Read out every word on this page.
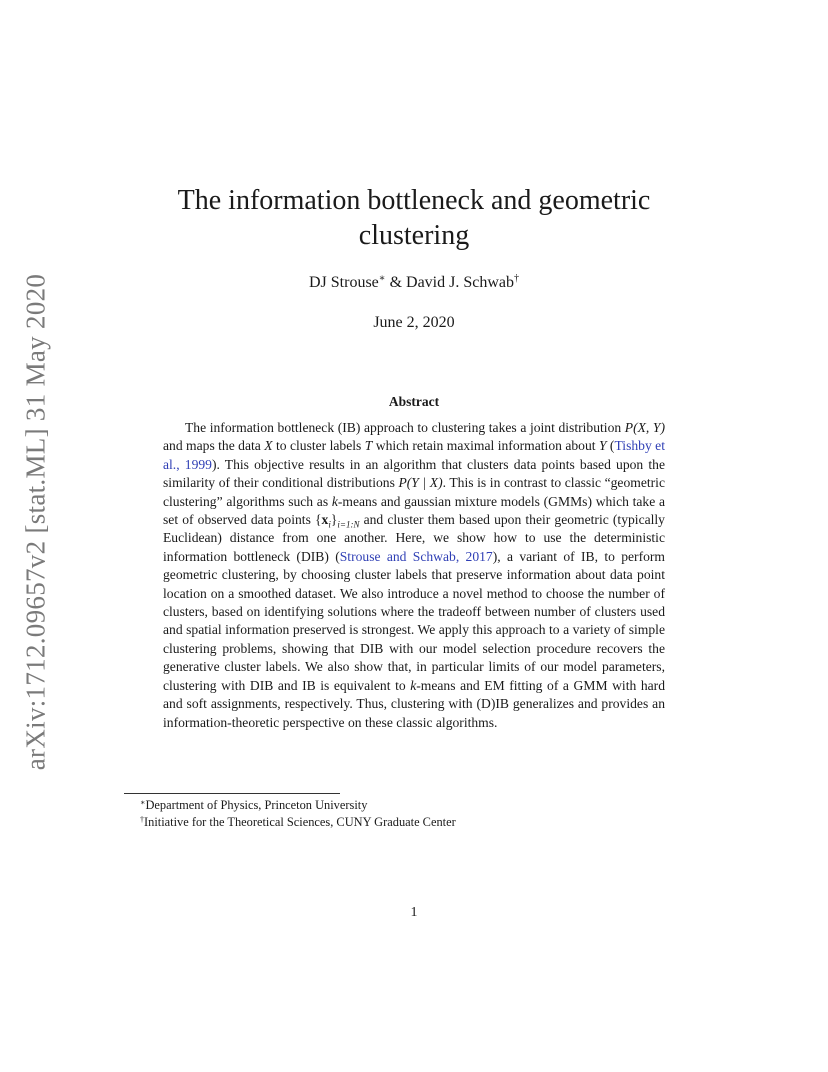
arXiv:1712.09657v2 [stat.ML] 31 May 2020
The information bottleneck and geometric
clustering
DJ Strouse∗ & David J. Schwab†
June 2, 2020
Abstract

The information bottleneck (IB) approach to clustering takes a joint distribution P(X, Y) and maps the data X to cluster labels T which retain maximal information about Y (Tishby et al., 1999). This objective results in an algorithm that clusters data points based upon the similarity of their conditional distributions P(Y | X). This is in contrast to classic “geometric clustering” algorithms such as k-means and gaussian mixture models (GMMs) which take a set of observed data points $\{x_i\}_{i=1:N}$ and cluster them based upon their geometric (typically Euclidean) distance from one another. Here, we show how to use the deterministic information bottleneck (DIB) (Strouse and Schwab, 2017), a variant of IB, to perform geometric clustering, by choosing cluster labels that preserve information about data point location on a smoothed dataset. We also introduce a novel method to choose the number of clusters, based on identifying solutions where the tradeoff between number of clusters used and spatial information preserved is strongest. We apply this approach to a variety of simple clustering problems, showing that DIB with our model selection procedure recovers the generative cluster labels. We also show that, in particular limits of our model parameters, clustering with DIB and IB is equivalent to k-means and EM fitting of a GMM with hard and soft assignments, respectively. Thus, clustering with (D)IB generalizes and provides an information-theoretic perspective on these classic algorithms.

∗Department of Physics, Princeton University
†Initiative for the Theoretical Sciences, CUNY Graduate Center
1
